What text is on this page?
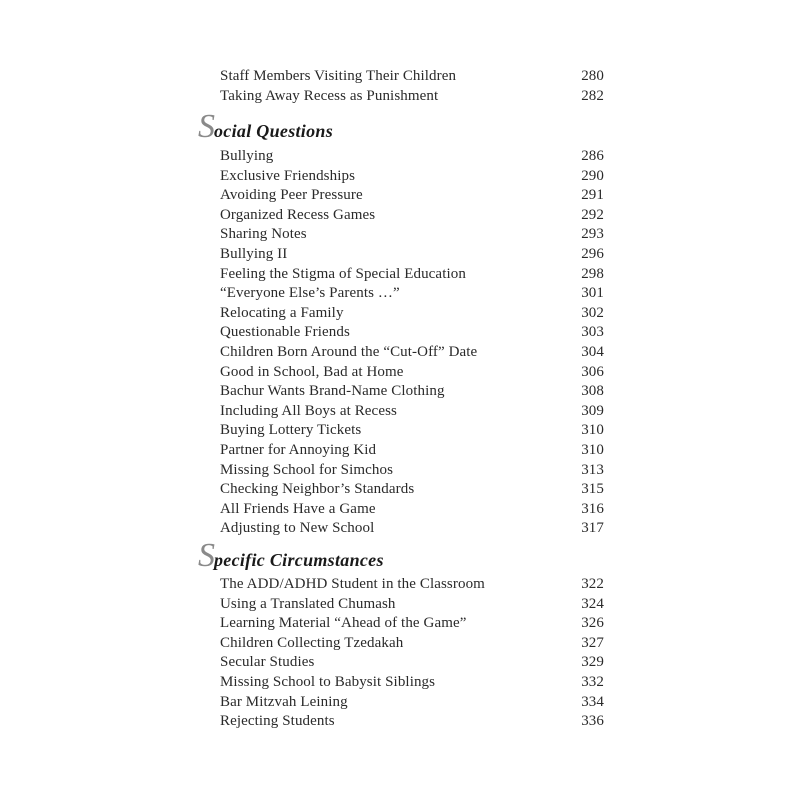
Staff Members Visiting Their Children	280
Taking Away Recess as Punishment	282
Social Questions
Bullying	286
Exclusive Friendships	290
Avoiding Peer Pressure	291
Organized Recess Games	292
Sharing Notes	293
Bullying II	296
Feeling the Stigma of Special Education	298
“Everyone Else’s Parents …”	301
Relocating a Family	302
Questionable Friends	303
Children Born Around the “Cut-Off” Date	304
Good in School, Bad at Home	306
Bachur Wants Brand-Name Clothing	308
Including All Boys at Recess	309
Buying Lottery Tickets	310
Partner for Annoying Kid	310
Missing School for Simchos	313
Checking Neighbor’s Standards	315
All Friends Have a Game	316
Adjusting to New School	317
Specific Circumstances
The ADD/ADHD Student in the Classroom	322
Using a Translated Chumash	324
Learning Material “Ahead of the Game”	326
Children Collecting Tzedakah	327
Secular Studies	329
Missing School to Babysit Siblings	332
Bar Mitzvah Leining	334
Rejecting Students	336
